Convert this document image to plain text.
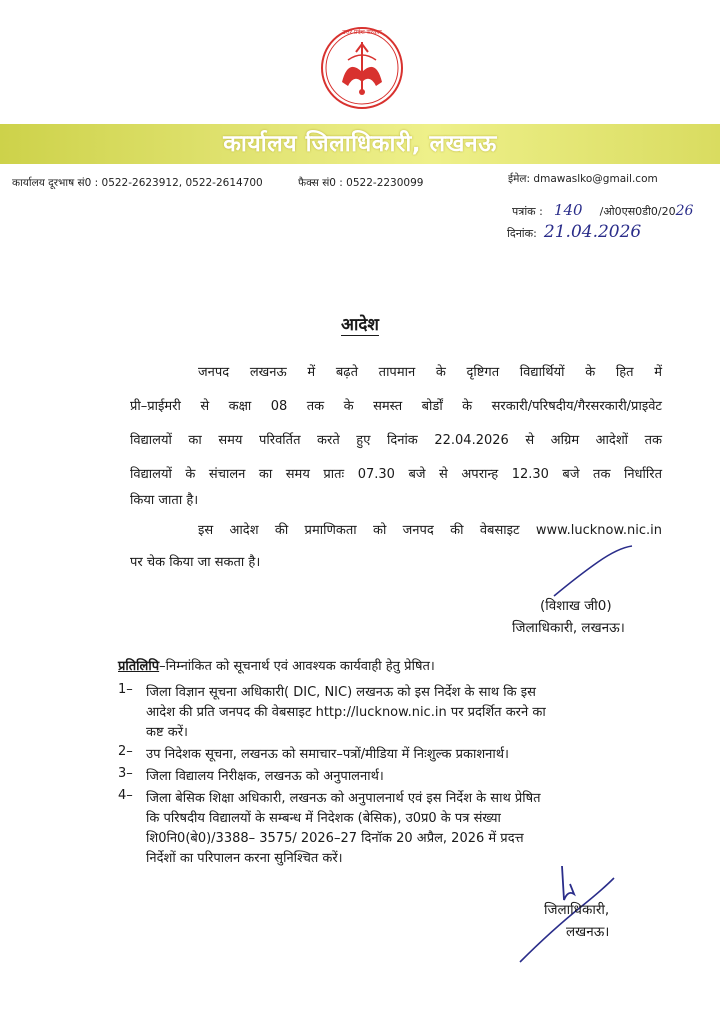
उत्तर प्रदेश सरकार
कार्यालय जिलाधिकारी, लखनऊ
कार्यालय दूरभाष सं0 : 0522-2623912, 0522-2614700	फैक्स सं0 : 0522-2230099	ईमेल: dmawaslko@gmail.com
पत्रांक : 140 /ओ0एस0डी0/2026
दिनांक: 21.04.2026
आदेश
जनपद लखनऊ में बढ़ते तापमान के दृष्टिगत विद्यार्थियों के हित में
प्री–प्राईमरी से कक्षा 08 तक के समस्त बोर्डों के सरकारी/परिषदीय/गैरसरकारी/प्राइवेट
विद्यालयों का समय परिवर्तित करते हुए दिनांक 22.04.2026 से अग्रिम आदेशों तक
विद्यालयों के संचालन का समय प्रातः 07.30 बजे से अपरान्ह 12.30 बजे तक निर्धारित
किया जाता है।
इस आदेश की प्रमाणिकता को जनपद की वेबसाइट www.lucknow.nic.in
पर चेक किया जा सकता है।
(विशाख जी0)
जिलाधिकारी, लखनऊ।
प्रतिलिपि–निम्नांकित को सूचनार्थ एवं आवश्यक कार्यवाही हेतु प्रेषित।
1– जिला विज्ञान सूचना अधिकारी( DIC, NIC) लखनऊ को इस निर्देश के साथ कि इस
आदेश की प्रति जनपद की वेबसाइट http://lucknow.nic.in पर प्रदर्शित करने का
कष्ट करें।
2– उप निदेशक सूचना, लखनऊ को समाचार–पत्रों/मीडिया में निःशुल्क प्रकाशनार्थ।
3– जिला विद्यालय निरीक्षक, लखनऊ को अनुपालनार्थ।
4– जिला बेसिक शिक्षा अधिकारी, लखनऊ को अनुपालनार्थ एवं इस निर्देश के साथ प्रेषित
कि परिषदीय विद्यालयों के सम्बन्ध में निदेशक (बेसिक), उ0प्र0 के पत्र संख्या
शि0नि0(बे0)/3388– 3575/ 2026–27 दिनॉक 20 अप्रैल, 2026 में प्रदत्त
निर्देशों का परिपालन करना सुनिश्चित करें।
जिलाधिकारी,
लखनऊ।
